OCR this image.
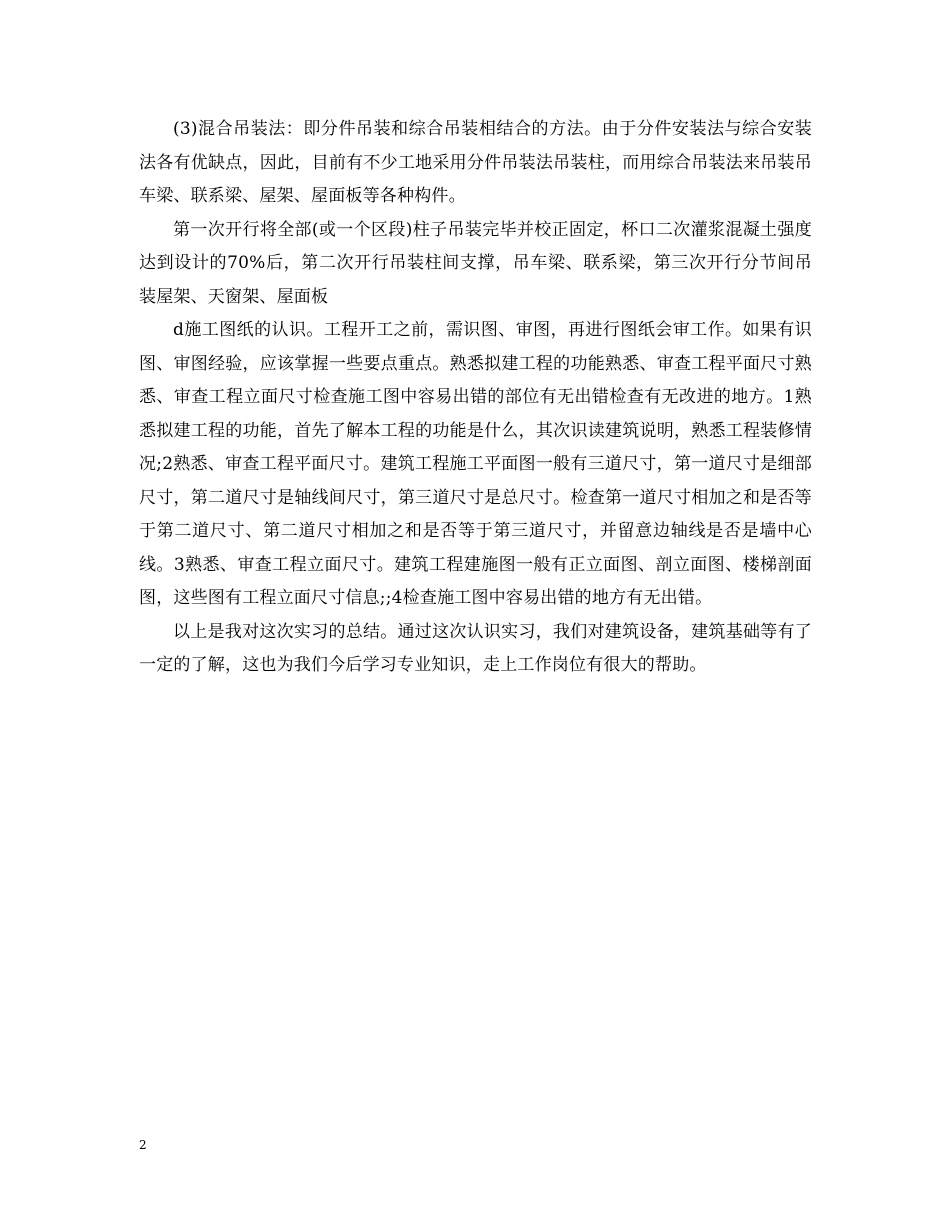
(3)混合吊装法：即分件吊装和综合吊装相结合的方法。由于分件安装法与综合安装法各有优缺点，因此，目前有不少工地采用分件吊装法吊装柱，而用综合吊装法来吊装吊车梁、联系梁、屋架、屋面板等各种构件。

第一次开行将全部(或一个区段)柱子吊装完毕并校正固定，杯口二次灌浆混凝土强度达到设计的70%后，第二次开行吊装柱间支撑，吊车梁、联系梁，第三次开行分节间吊装屋架、天窗架、屋面板

d施工图纸的认识。工程开工之前，需识图、审图，再进行图纸会审工作。如果有识图、审图经验，应该掌握一些要点重点。熟悉拟建工程的功能熟悉、审查工程平面尺寸熟悉、审查工程立面尺寸检查施工图中容易出错的部位有无出错检查有无改进的地方。1熟悉拟建工程的功能，首先了解本工程的功能是什么，其次识读建筑说明，熟悉工程装修情况;2熟悉、审查工程平面尺寸。建筑工程施工平面图一般有三道尺寸，第一道尺寸是细部尺寸，第二道尺寸是轴线间尺寸，第三道尺寸是总尺寸。检查第一道尺寸相加之和是否等于第二道尺寸、第二道尺寸相加之和是否等于第三道尺寸，并留意边轴线是否是墙中心线。3熟悉、审查工程立面尺寸。建筑工程建施图一般有正立面图、剖立面图、楼梯剖面图，这些图有工程立面尺寸信息;;4检查施工图中容易出错的地方有无出错。

以上是我对这次实习的总结。通过这次认识实习，我们对建筑设备，建筑基础等有了一定的了解，这也为我们今后学习专业知识，走上工作岗位有很大的帮助。

2
